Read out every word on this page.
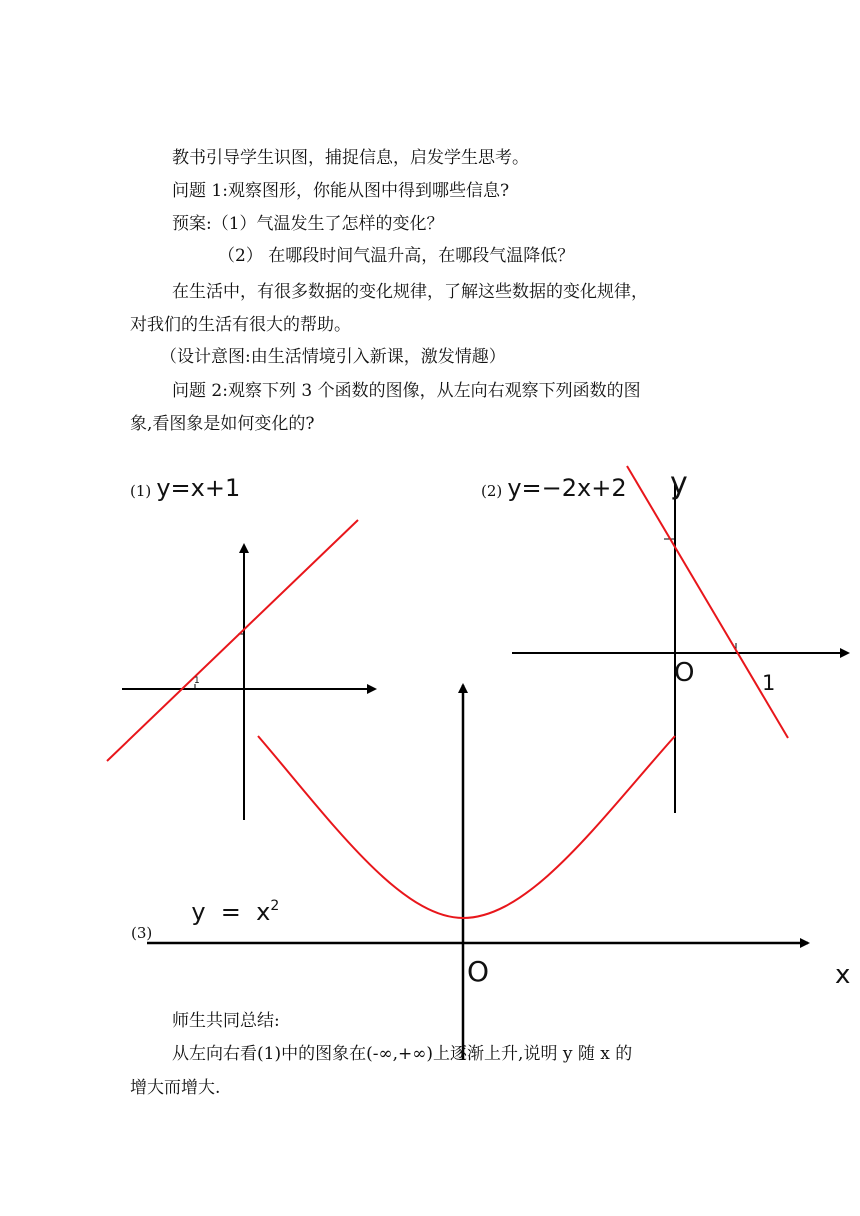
教书引导学生识图，捕捉信息，启发学生思考。
问题 1:观察图形，你能从图中得到哪些信息?
预案:（1）气温发生了怎样的变化？
（2） 在哪段时间气温升高，在哪段气温降低？
在生活中，有很多数据的变化规律，了解这些数据的变化规律，
对我们的生活有很大的帮助。
（设计意图:由生活情境引入新课，激发情趣）
问题 2:观察下列 3 个函数的图像，从左向右观察下列函数的图
象,看图象是如何变化的?
(1) y=x+1
1
(2) y=−2x+2 y
O	1
(3) $y = x^2$
O	x
师生共同总结:
从左向右看(1)中的图象在(-∞,+∞)上逐渐上升,说明 y 随 x 的
增大而增大.
